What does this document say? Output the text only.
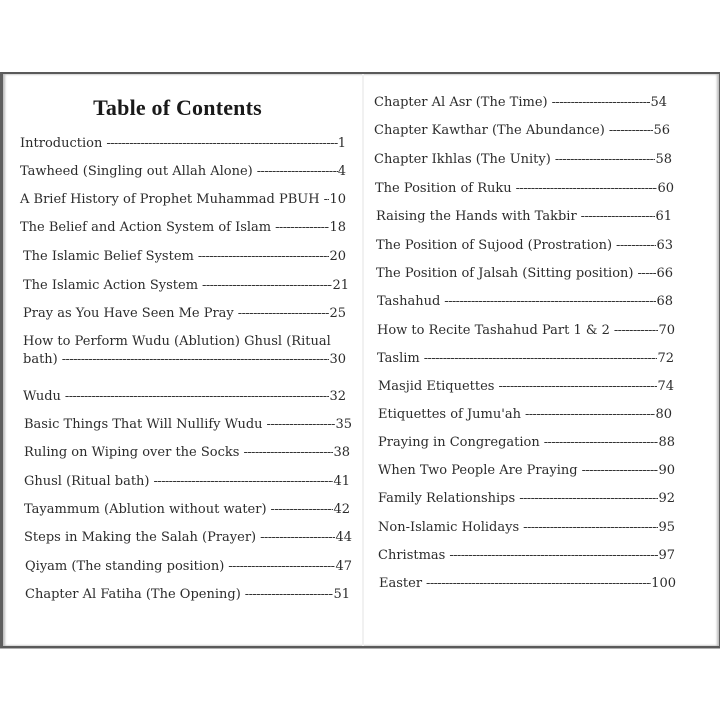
Table of Contents
Introduction -----	1
Tawheed (Singling out Allah Alone) -----	4
A Brief History of Prophet Muhammad PBUH ----- 10
The Belief and Action System of Islam -----	18
The Islamic Belief System -----	20
The Islamic Action System -----	21
Pray as You Have Seen Me Pray -----	25
How to Perform Wudu (Ablution) Ghusl (Ritual
bath) -----	30
Wudu -----	32
Basic Things That Will Nullify Wudu -----	35
Ruling on Wiping over the Socks -----	38
Ghusl (Ritual bath) -----	41
Tayammum (Ablution without water) -----	42
Steps in Making the Salah (Prayer) -----	44
Qiyam (The standing position) -----	47
Chapter Al Fatiha (The Opening) -----	51
Chapter Al Asr (The Time) -----	54
Chapter Kawthar (The Abundance) -----	56
Chapter Ikhlas (The Unity) -----	58
The Position of Ruku -----	60
Raising the Hands with Takbir -----	61
The Position of Sujood (Prostration) -----	63
The Position of Jalsah (Sitting position) ----- 66
Tashahud -----	68
How to Recite Tashahud Part 1 & 2 -----	70
Taslim -----	72
Masjid Etiquettes -----	74
Etiquettes of Jumu'ah -----	80
Praying in Congregation -----	88
When Two People Are Praying -----	90
Family Relationships -----	92
Non-Islamic Holidays -----	95
Christmas -----	97
Easter -----	100
